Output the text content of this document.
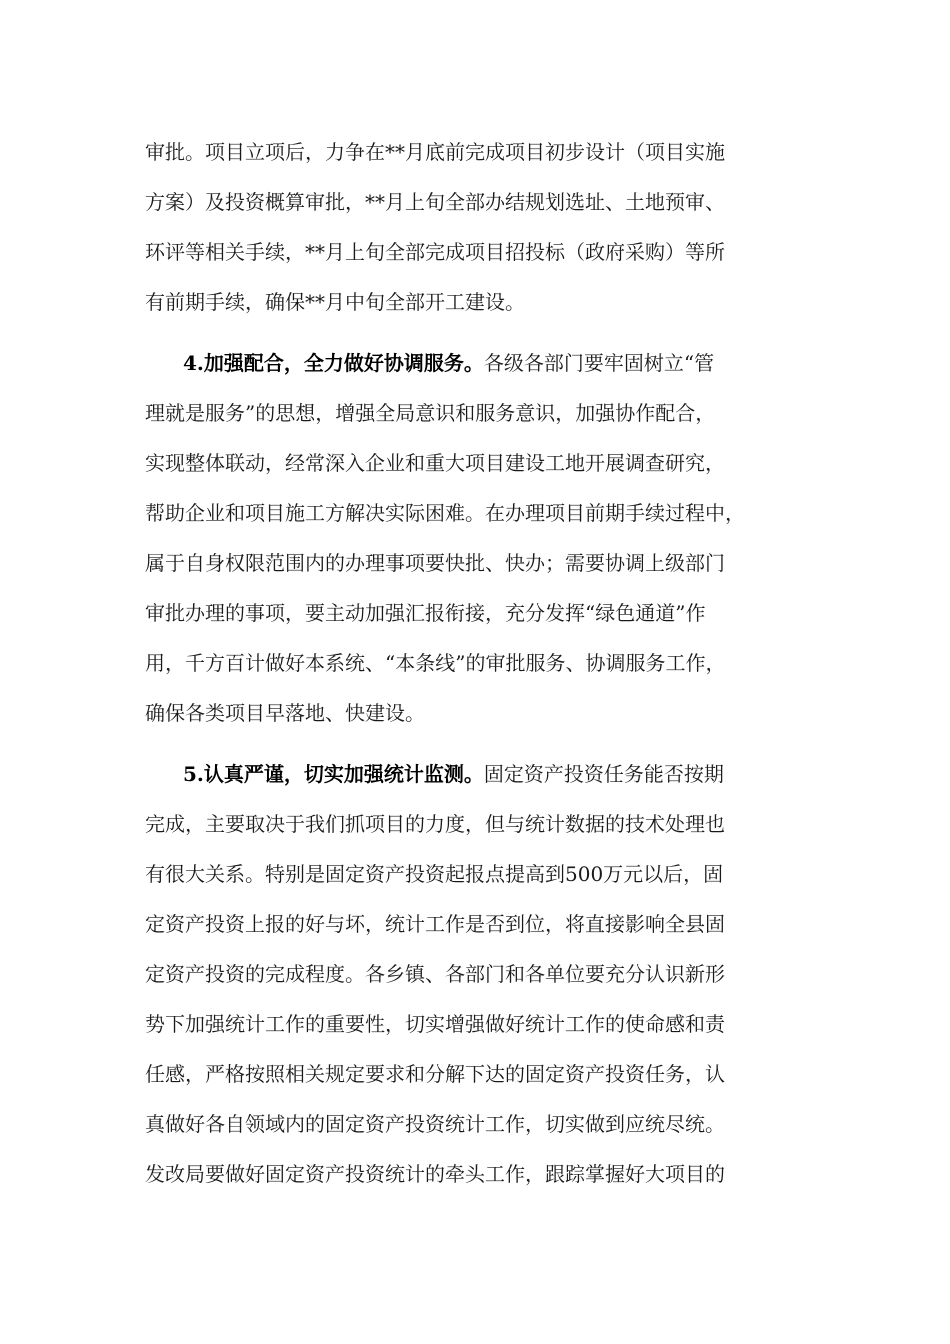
审批。项目立项后，力争在**月底前完成项目初步设计（项目实施
方案）及投资概算审批，**月上旬全部办结规划选址、土地预审、
环评等相关手续，**月上旬全部完成项目招投标（政府采购）等所
有前期手续，确保**月中旬全部开工建设。
4.加强配合，全力做好协调服务。各级各部门要牢固树立“管
理就是服务”的思想，增强全局意识和服务意识，加强协作配合，
实现整体联动，经常深入企业和重大项目建设工地开展调查研究，
帮助企业和项目施工方解决实际困难。在办理项目前期手续过程中，
属于自身权限范围内的办理事项要快批、快办；需要协调上级部门
审批办理的事项，要主动加强汇报衔接，充分发挥“绿色通道”作
用，千方百计做好本系统、“本条线”的审批服务、协调服务工作，
确保各类项目早落地、快建设。
5.认真严谨，切实加强统计监测。固定资产投资任务能否按期
完成，主要取决于我们抓项目的力度，但与统计数据的技术处理也
有很大关系。特别是固定资产投资起报点提高到500万元以后，固
定资产投资上报的好与坏，统计工作是否到位，将直接影响全县固
定资产投资的完成程度。各乡镇、各部门和各单位要充分认识新形
势下加强统计工作的重要性，切实增强做好统计工作的使命感和责
任感，严格按照相关规定要求和分解下达的固定资产投资任务，认
真做好各自领域内的固定资产投资统计工作，切实做到应统尽统。
发改局要做好固定资产投资统计的牵头工作，跟踪掌握好大项目的
